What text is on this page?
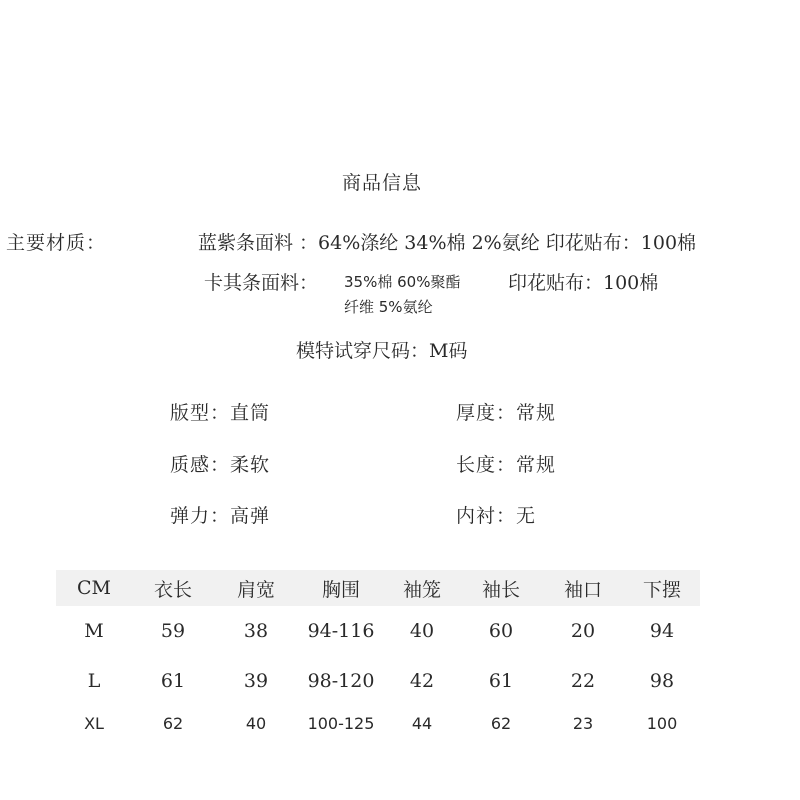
商品信息
主要材质：	蓝紫条面料 ：64%涤纶 34%棉 2%氨纶 印花贴布：100棉
卡其条面料： 35%棉 60%聚酯	印花贴布：100棉
纤维 5%氨纶
模特试穿尺码：M码
版型：直筒	厚度：常规
质感：柔软	长度：常规
弹力：高弹	内衬：无
CM	衣长	肩宽	胸围	袖笼	袖长	袖口	下摆
M	59	38	94-116	40	60	20	94
L	61	39	98-120	42	61	22	98
XL	62	40	100-125	44	62	23	100
